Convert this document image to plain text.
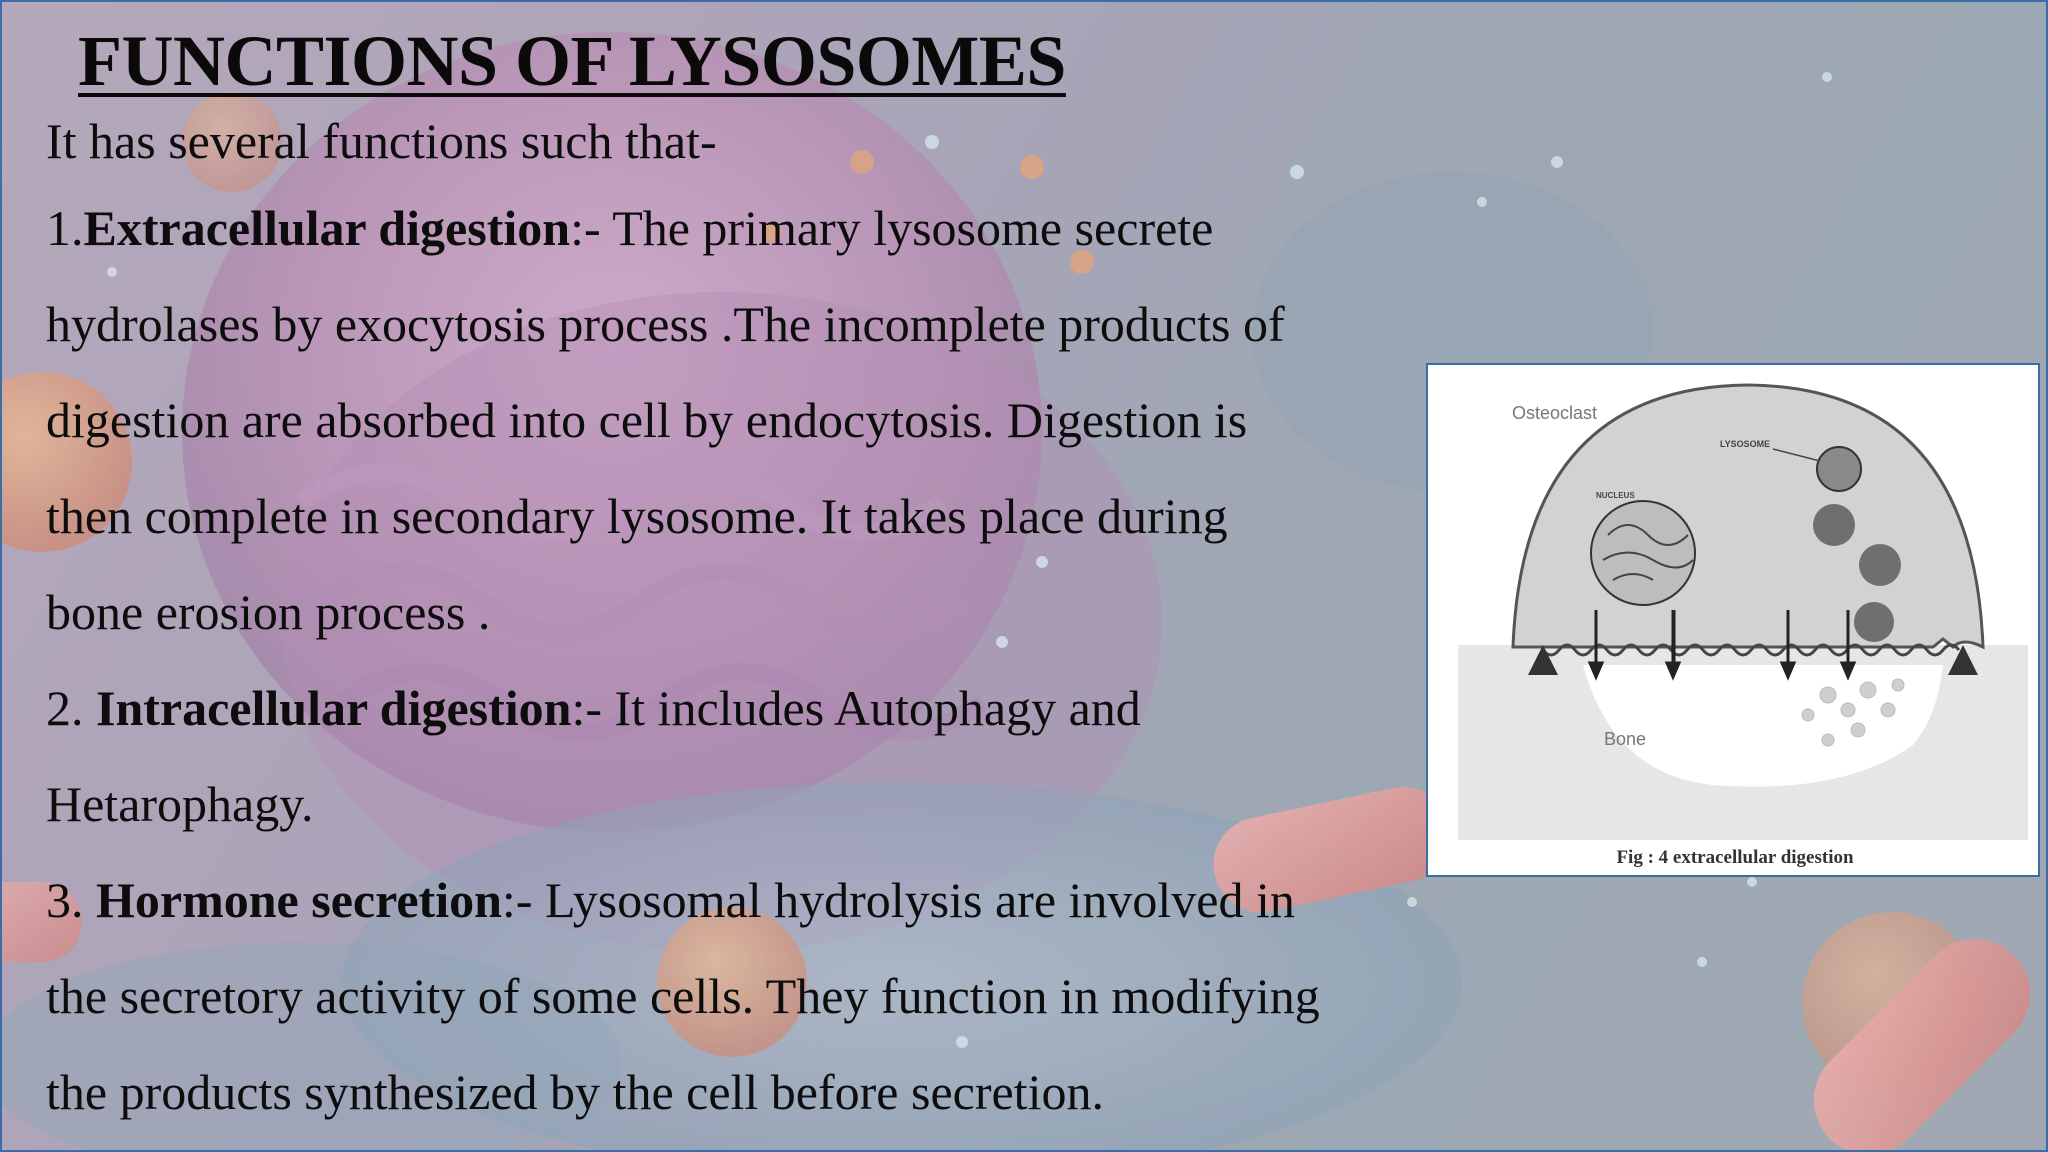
FUNCTIONS OF LYSOSOMES
It has several functions such that-
1.Extracellular digestion:- The primary lysosome secrete
hydrolases by exocytosis process .The incomplete products of
digestion are absorbed into cell by endocytosis. Digestion is
then complete in secondary lysosome. It takes place during
bone erosion process .
2. Intracellular digestion:- It includes Autophagy and
Hetarophagy.
3. Hormone secretion:- Lysosomal hydrolysis are involved in
the secretory activity of some cells. They function in modifying
the products synthesized by the cell before secretion.
Osteoclast
LYSOSOME
NUCLEUS
Bone
Fig : 4 extracellular digestion
